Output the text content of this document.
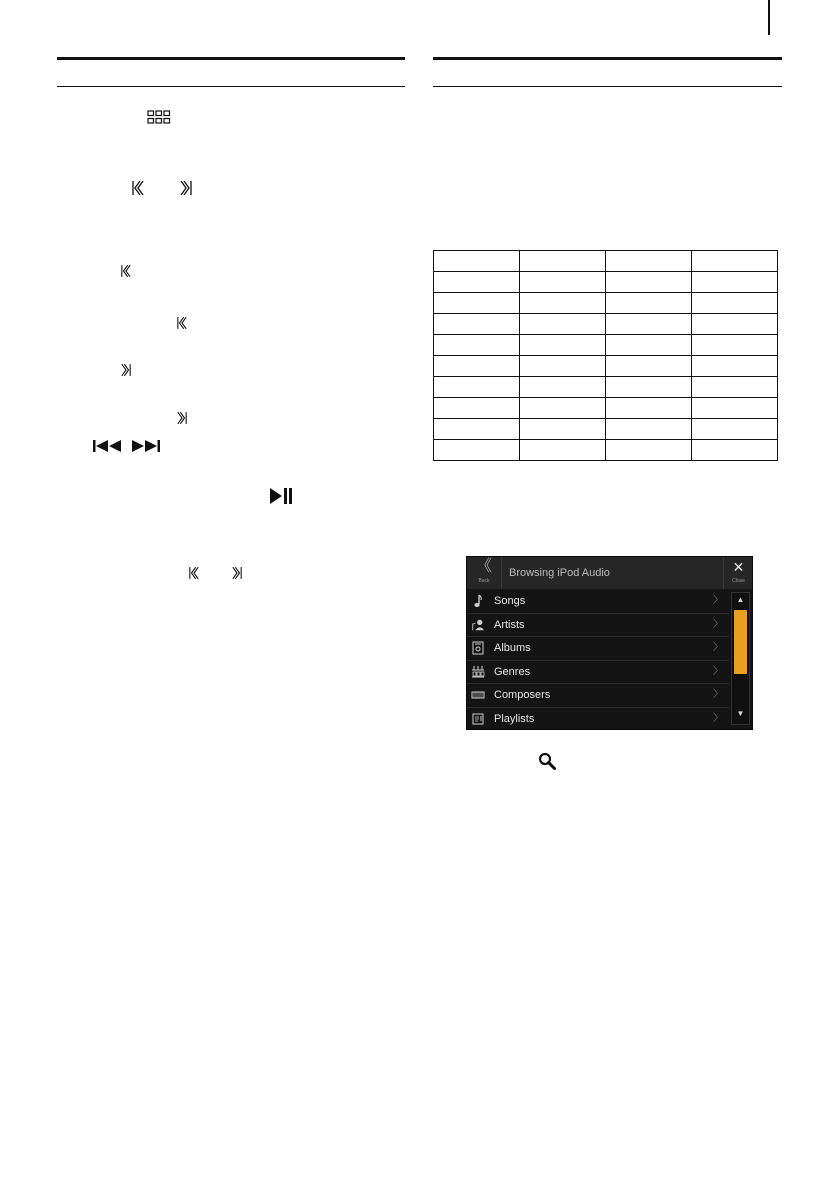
《
Back
Browsing iPod Audio	✕
Close
Songs	〉
Artists	〉
Albums	〉
Genres	〉
Composers	〉
Playlists	〉
▲
▼
